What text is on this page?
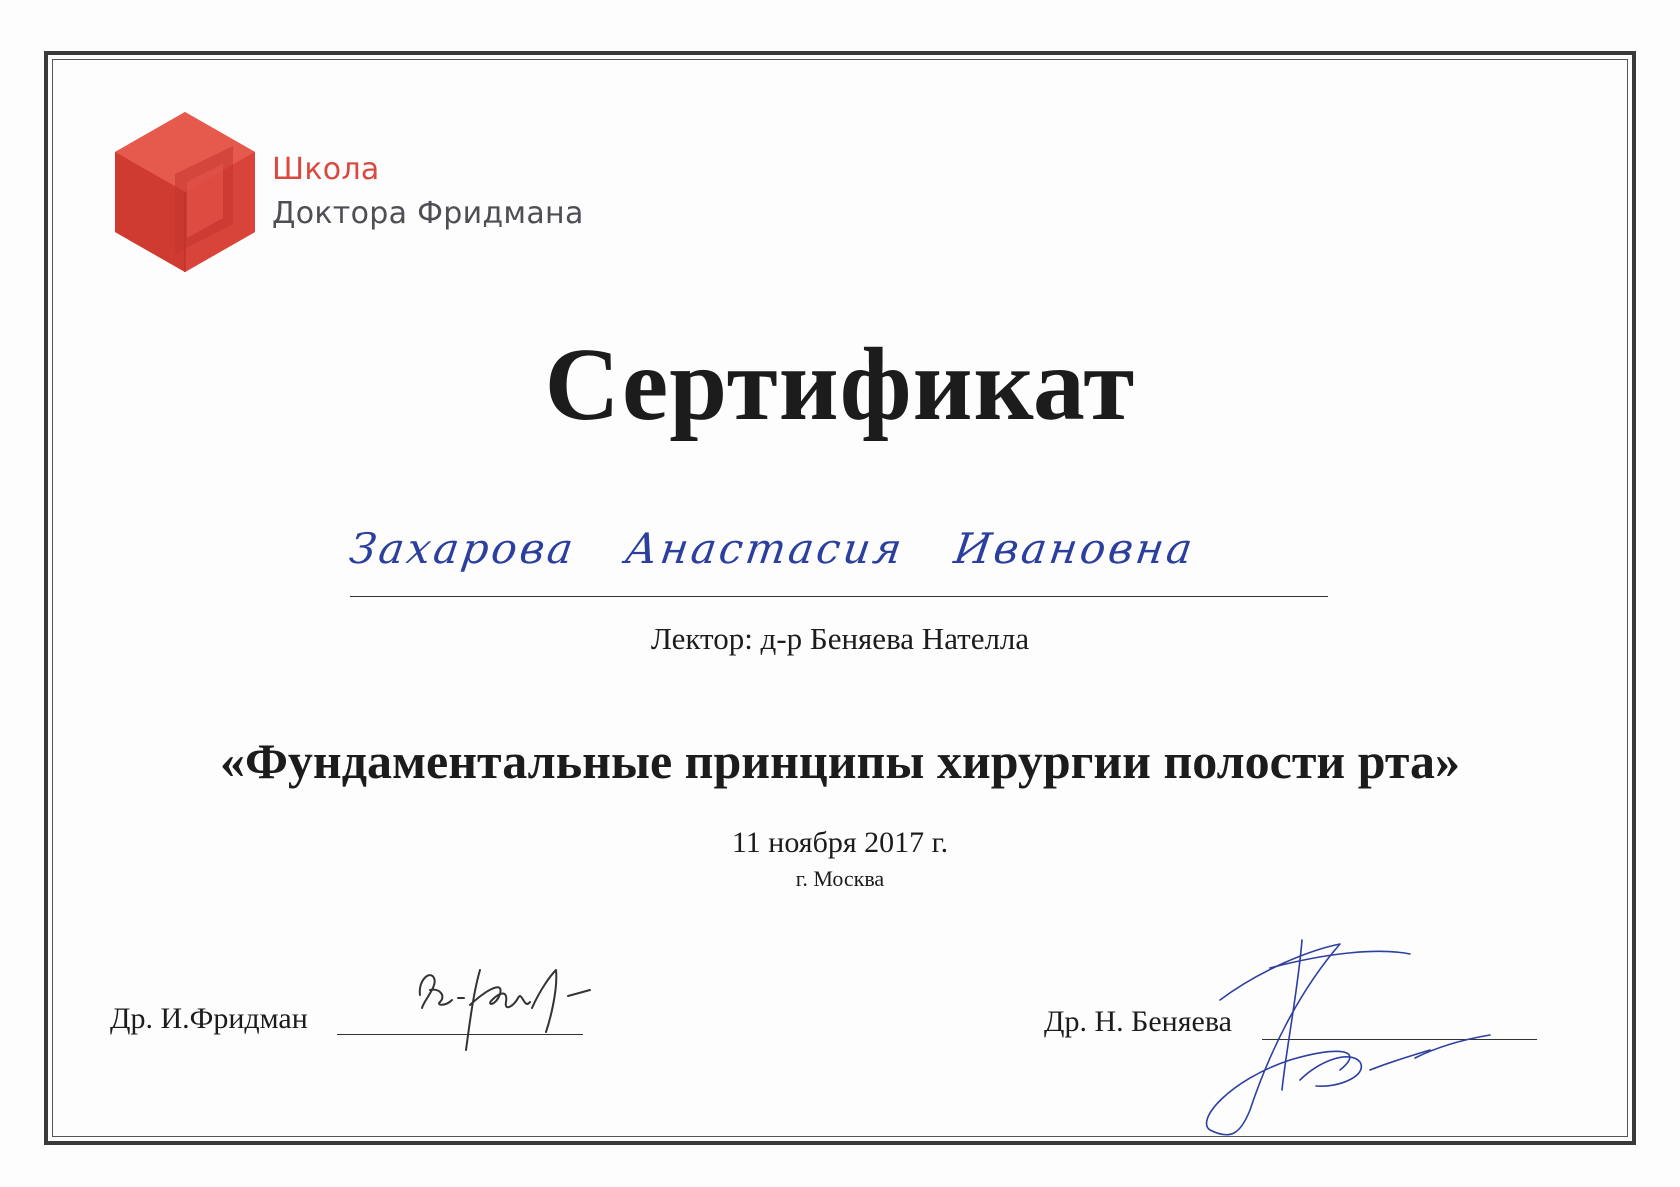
Школа
Доктора Фридмана
Сертификат
Захарова Анастасия Ивановна
Лектор: д-р Беняева Нателла
«Фундаментальные принципы хирургии полости рта»
11 ноября 2017 г.
г. Москва
Др. И.Фридман	Др. Н. Беняева
